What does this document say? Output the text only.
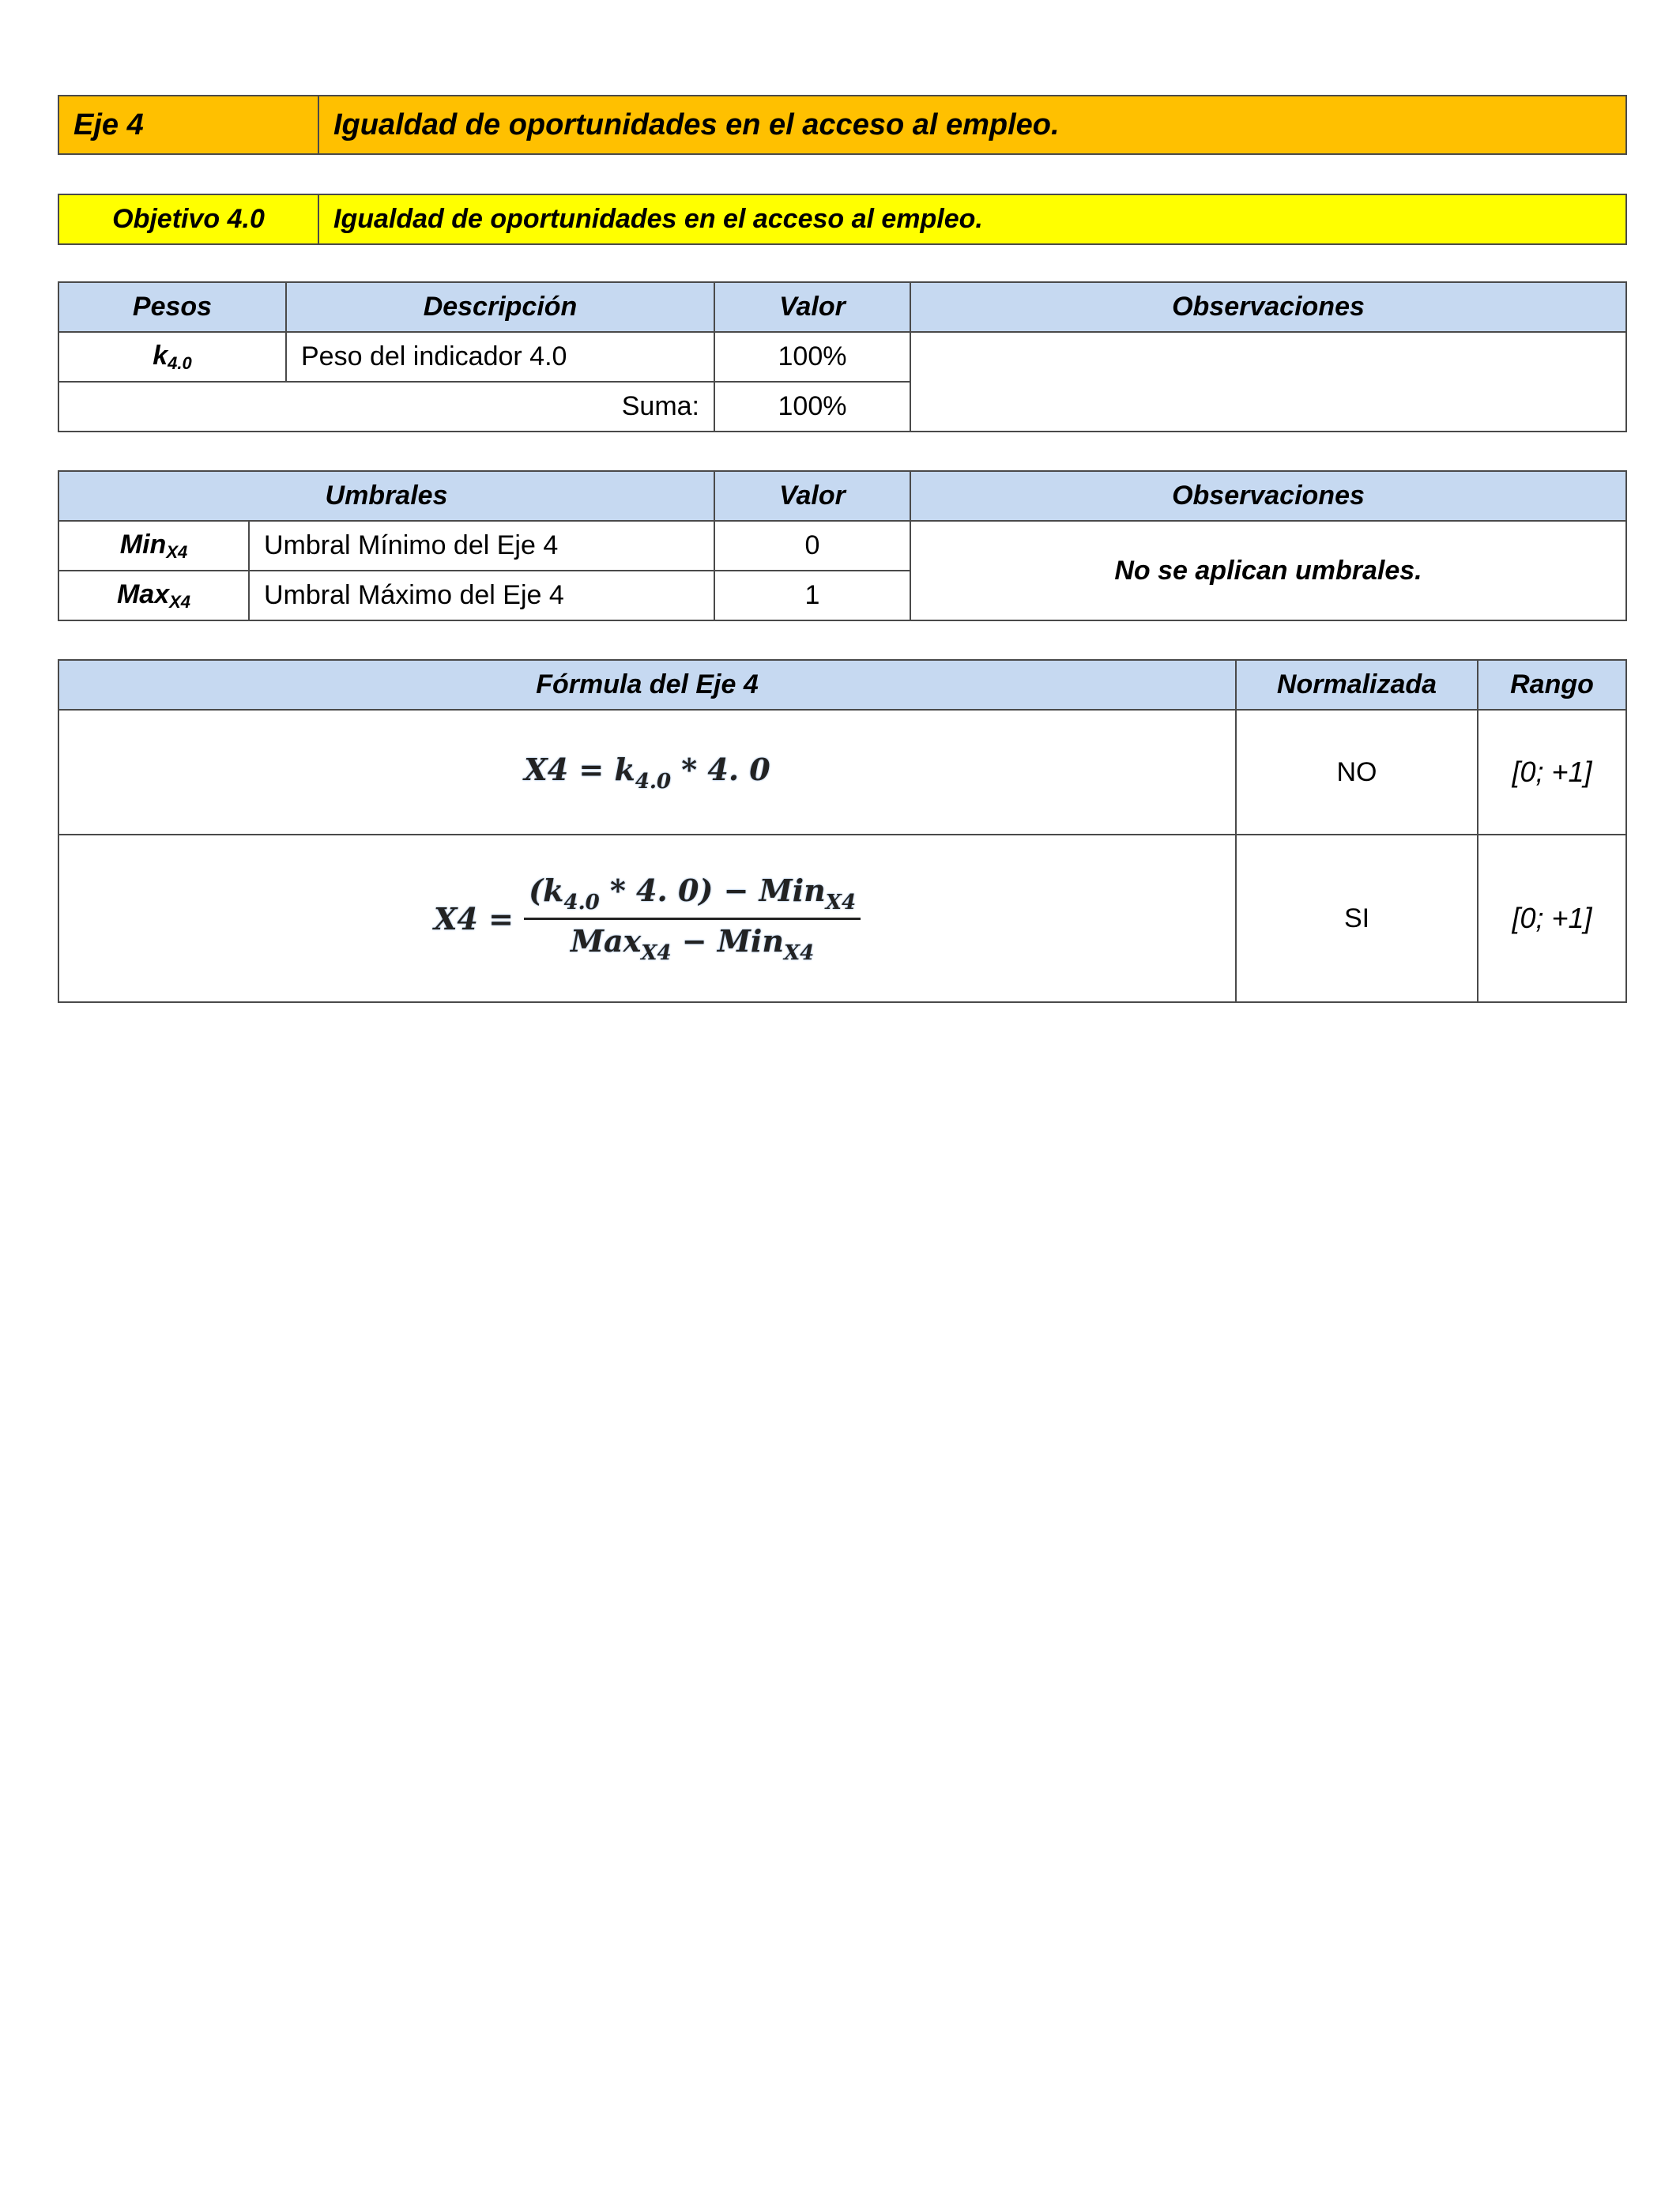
Eje 4	Igualdad de oportunidades en el acceso al empleo.
Objetivo 4.0	Igualdad de oportunidades en el acceso al empleo.
Pesos	Descripción	Valor	Observaciones
$k_{4.0}$	Peso del indicador 4.0	100%	
Suma:		100%	
Umbrales		Valor	Observaciones
Min$_{X4}$	Umbral Mínimo del Eje 4	0	No se aplican umbrales.
Max$_{X4}$	Umbral Máximo del Eje 4	1	
Fórmula del Eje 4	Normalizada	Rango
$X4 = k_{4.0} * 4$. 0	NO	[0; +1]
$X4 = \frac{(k_{4.0} * 4. 0) - Min_{X4}}{Max_{X4} - Min_{X4}}$	SI	[0; +1]
